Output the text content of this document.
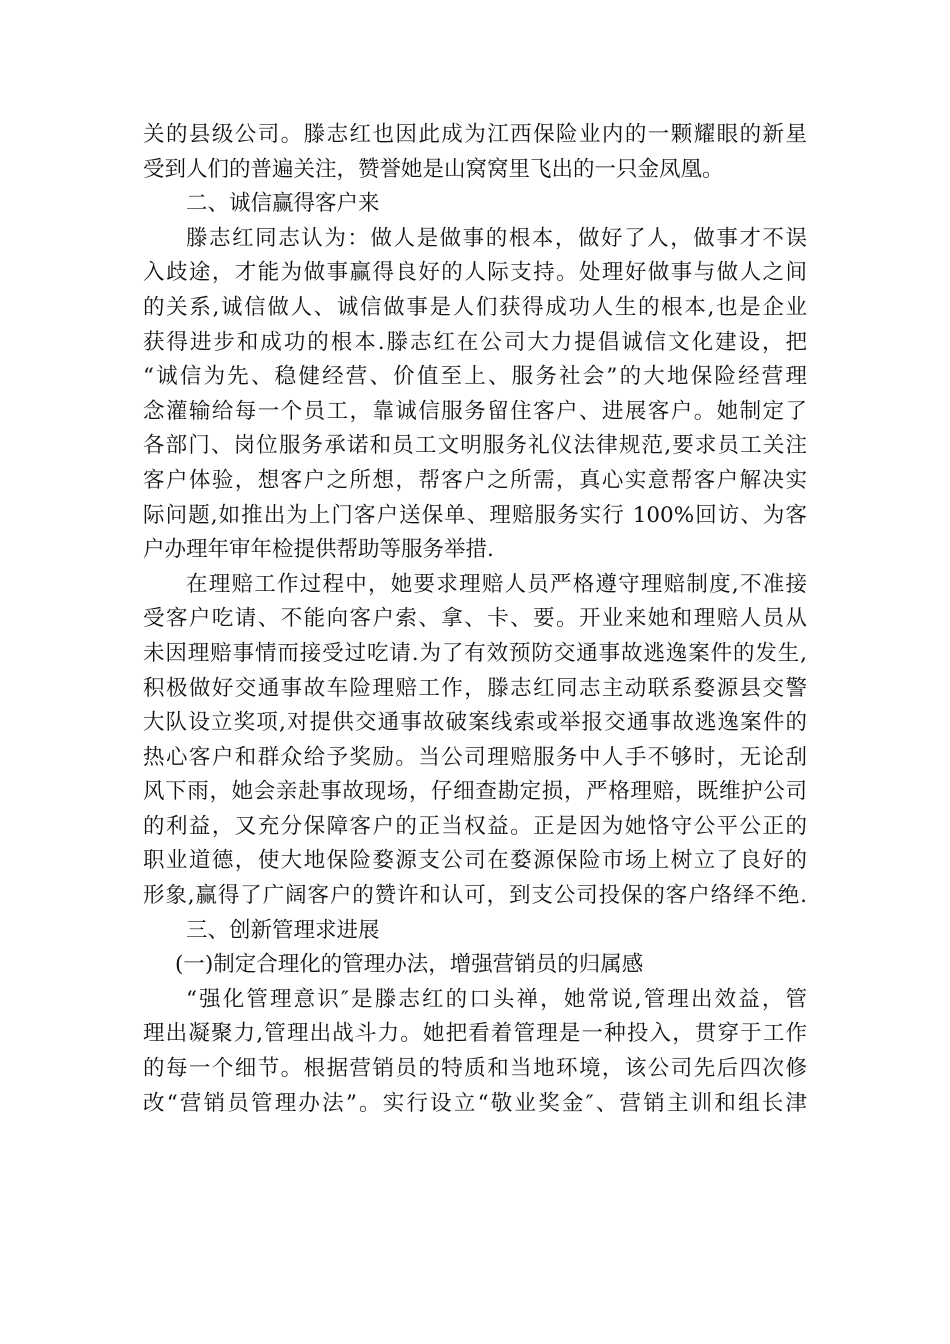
关的县级公司。滕志红也因此成为江西保险业内的一颗耀眼的新星
受到人们的普遍关注，赞誉她是山窝窝里飞出的一只金凤凰。
二、诚信赢得客户来
滕志红同志认为：做人是做事的根本，做好了人，做事才不误
入歧途，才能为做事赢得良好的人际支持。处理好做事与做人之间
的关系,诚信做人、诚信做事是人们获得成功人生的根本,也是企业
获得进步和成功的根本.滕志红在公司大力提倡诚信文化建设，把
“诚信为先、稳健经营、价值至上、服务社会”的大地保险经营理
念灌输给每一个员工，靠诚信服务留住客户、进展客户。她制定了
各部门、岗位服务承诺和员工文明服务礼仪法律规范,要求员工关注
客户体验，想客户之所想，帮客户之所需，真心实意帮客户解决实
际问题,如推出为上门客户送保单、理赔服务实行 100%回访、为客
户办理年审年检提供帮助等服务举措.
在理赔工作过程中，她要求理赔人员严格遵守理赔制度,不准接
受客户吃请、不能向客户索、拿、卡、要。开业来她和理赔人员从
未因理赔事情而接受过吃请.为了有效预防交通事故逃逸案件的发生,
积极做好交通事故车险理赔工作，滕志红同志主动联系婺源县交警
大队设立奖项,对提供交通事故破案线索或举报交通事故逃逸案件的
热心客户和群众给予奖励。当公司理赔服务中人手不够时，无论刮
风下雨，她会亲赴事故现场，仔细查勘定损，严格理赔，既维护公司
的利益，又充分保障客户的正当权益。正是因为她恪守公平公正的
职业道德，使大地保险婺源支公司在婺源保险市场上树立了良好的
形象,赢得了广阔客户的赞许和认可，到支公司投保的客户络绎不绝.
三、创新管理求进展
(一)制定合理化的管理办法，增强营销员的归属感
“强化管理意识″是滕志红的口头禅，她常说,管理出效益，管
理出凝聚力,管理出战斗力。她把看着管理是一种投入，贯穿于工作
的每一个细节。根据营销员的特质和当地环境，该公司先后四次修
改“营销员管理办法”。实行设立“敬业奖金″、营销主训和组长津
